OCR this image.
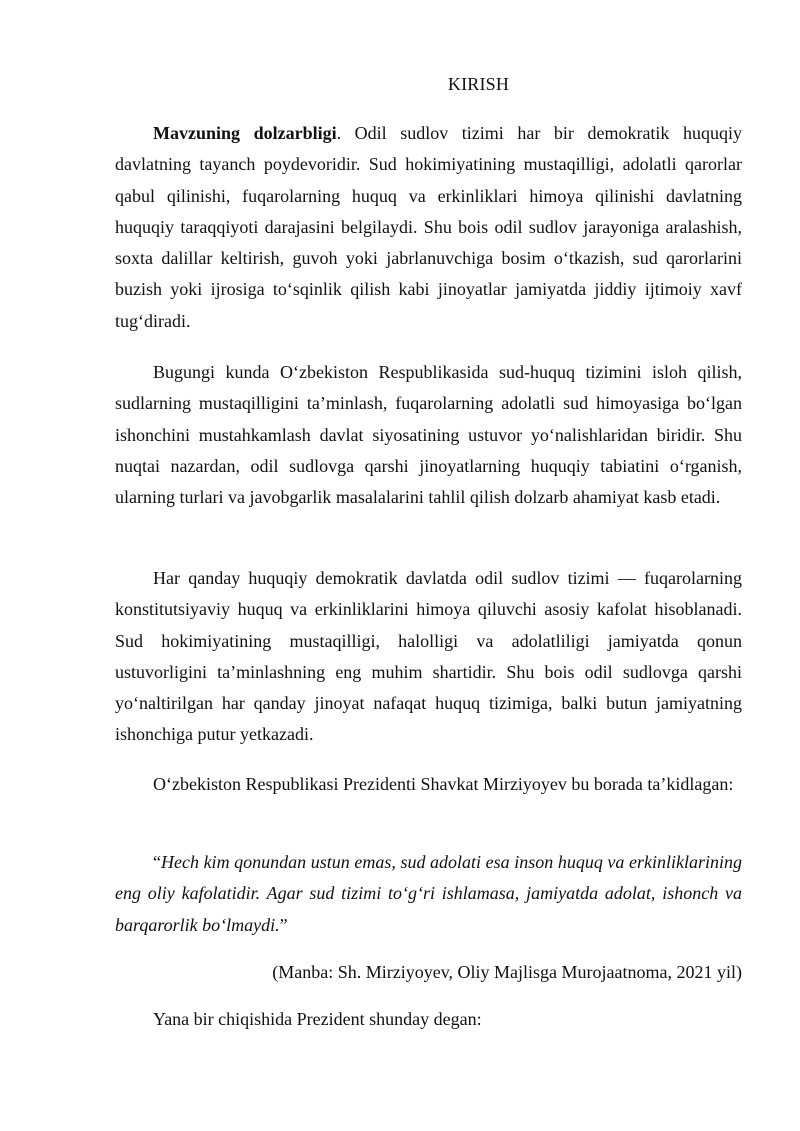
KIRISH

Mavzuning dolzarbligi. Odil sudlov tizimi har bir demokratik huquqiy davlatning tayanch poydevoridir. Sud hokimiyatining mustaqilligi, adolatli qarorlar qabul qilinishi, fuqarolarning huquq va erkinliklari himoya qilinishi davlatning huquqiy taraqqiyoti darajasini belgilaydi. Shu bois odil sudlov jarayoniga aralashish, soxta dalillar keltirish, guvoh yoki jabrlanuvchiga bosim o‘tkazish, sud qarorlarini buzish yoki ijrosiga to‘sqinlik qilish kabi jinoyatlar jamiyatda jiddiy ijtimoiy xavf tug‘diradi.

Bugungi kunda O‘zbekiston Respublikasida sud-huquq tizimini isloh qilish, sudlarning mustaqilligini ta’minlash, fuqarolarning adolatli sud himoyasiga bo‘lgan ishonchini mustahkamlash davlat siyosatining ustuvor yo‘nalishlaridan biridir. Shu nuqtai nazardan, odil sudlovga qarshi jinoyatlarning huquqiy tabiatini o‘rganish, ularning turlari va javobgarlik masalalarini tahlil qilish dolzarb ahamiyat kasb etadi.

Har qanday huquqiy demokratik davlatda odil sudlov tizimi — fuqarolarning konstitutsiyaviy huquq va erkinliklarini himoya qiluvchi asosiy kafolat hisoblanadi. Sud hokimiyatining mustaqilligi, halolligi va adolatliligi jamiyatda qonun ustuvorligini ta’minlashning eng muhim shartidir. Shu bois odil sudlovga qarshi yo‘naltirilgan har qanday jinoyat nafaqat huquq tizimiga, balki butun jamiyatning ishonchiga putur yetkazadi.

O‘zbekiston Respublikasi Prezidenti Shavkat Mirziyoyev bu borada ta’kidlagan:

“Hech kim qonundan ustun emas, sud adolati esa inson huquq va erkinliklarining eng oliy kafolatidir. Agar sud tizimi to‘g‘ri ishlamasa, jamiyatda adolat, ishonch va barqarorlik bo‘lmaydi.”

(Manba: Sh. Mirziyoyev, Oliy Majlisga Murojaatnoma, 2021 yil)

Yana bir chiqishida Prezident shunday degan:
